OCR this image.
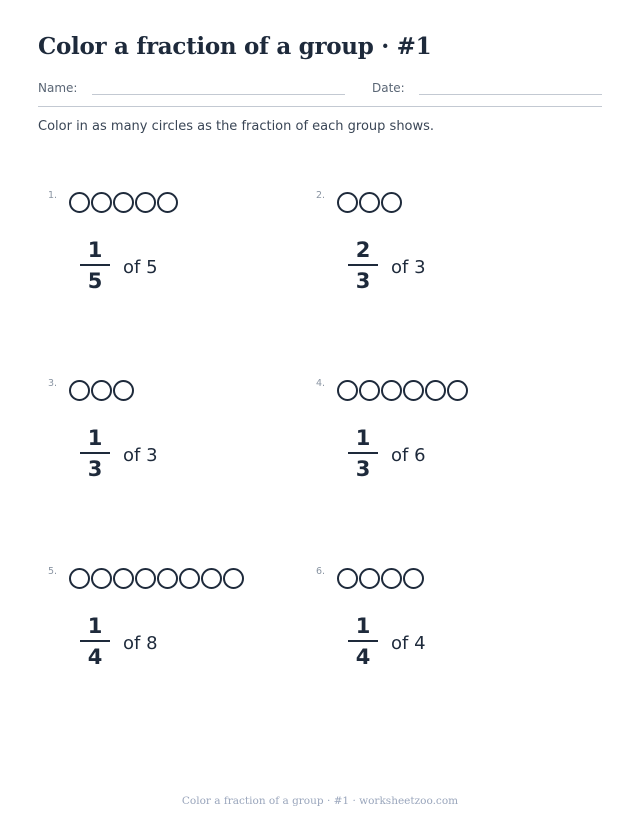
Color a fraction of a group · #1
Name:	Date:
Color in as many circles as the fraction of each group shows.
1.
1
5
of 5
2.
2
3
of 3
3.
1
3
of 3
4.
1
3
of 6
5.
1
4
of 8
6.
1
4
of 4
Color a fraction of a group · #1 · worksheetzoo.com
